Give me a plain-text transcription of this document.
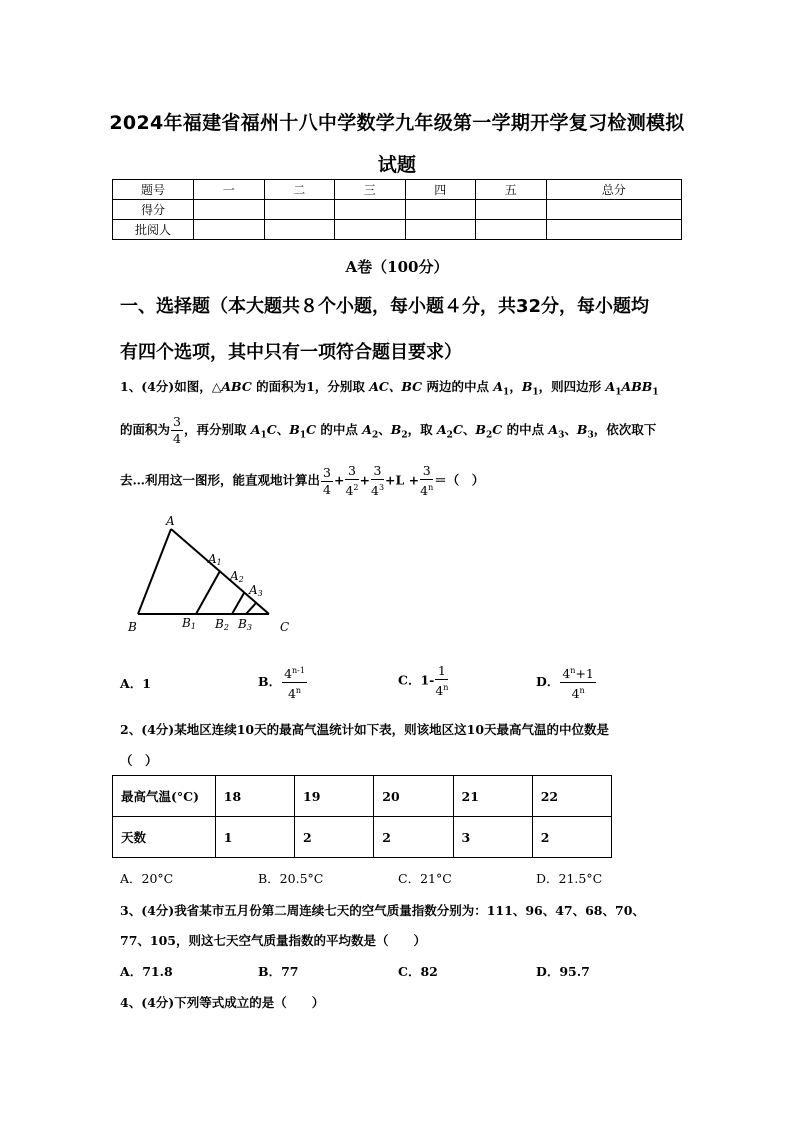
2024年福建省福州十八中学数学九年级第一学期开学复习检测模拟
试题
题号	一	二	三	四	五	总分
得分						
批阅人						
A卷（100分）
一、选择题（本大题共８个小题，每小题４分，共32分，每小题均
有四个选项，其中只有一项符合题目要求）
1、(4分)如图，△ABC 的面积为1，分别取 AC、BC 两边的中点 $A_1$，$B_1$，则四边形 $A_1ABB_1$
的面积为 $\frac{3}{4}$ ，再分别取 $A_1C$、$B_1C$ 的中点 $A_2$、$B_2$，取 $A_2C$、$B_2C$ 的中点 $A_3$、$B_3$，依次取下
去…利用这一图形，能直观地计算出 $\frac{3}{4} + \frac{3}{4^2} + \frac{3}{4^3} +L + \frac{3}{4^n}$ ＝（　）
A
A1
A2
A3
B	B1 B2 B3 C
A．1	B． $\frac{4^{n-1}}{4^n}$	C．$1- \frac{1}{4^n}$	D． $\frac{4^n+1}{4^n}$
2、(4分)某地区连续10天的最高气温统计如下表，则该地区这10天最高气温的中位数是
（　）
最高气温(°C)	18	19	20	21	22
天数	1	2	2	3	2
A．20°C	B．20.5°C	C．21°C	D．21.5°C
3、(4分)我省某市五月份第二周连续七天的空气质量指数分别为：111、96、47、68、70、
77、105，则这七天空气质量指数的平均数是（　　）
A．71.8	B．77	C．82	D．95.7
4、(4分)下列等式成立的是（　　）
